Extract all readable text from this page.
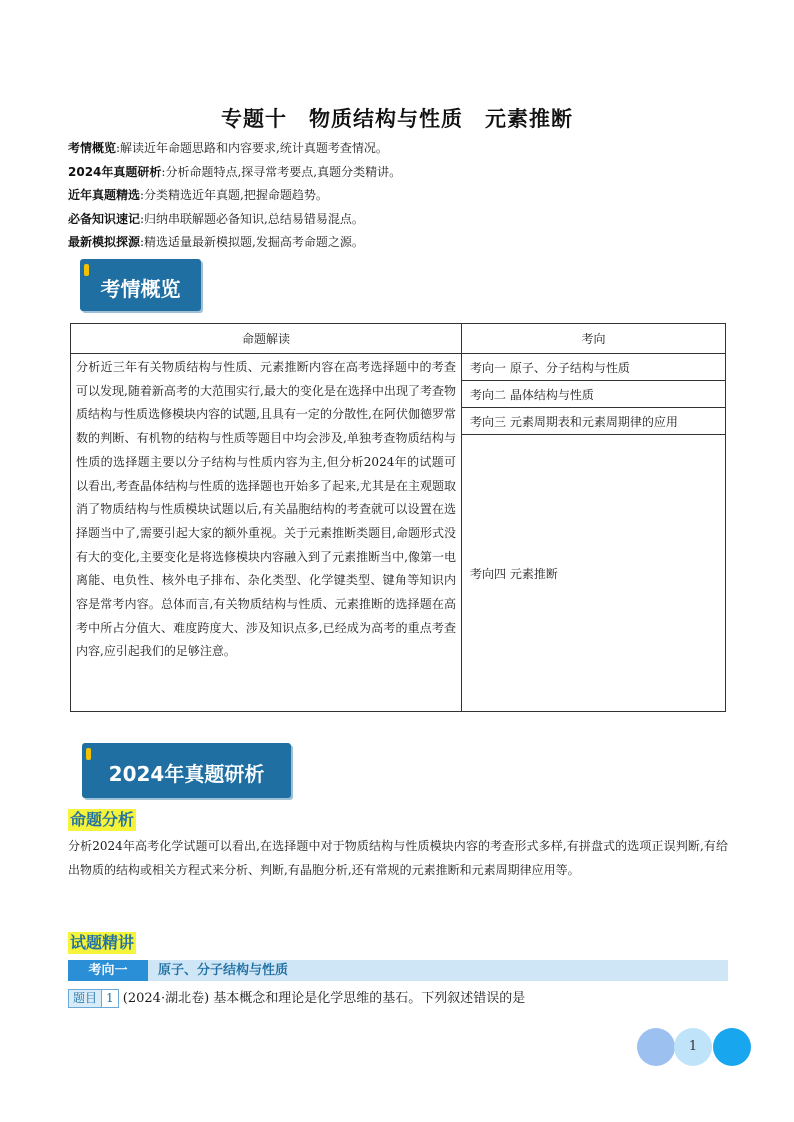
专题十 物质结构与性质 元素推断
考情概览:解读近年命题思路和内容要求,统计真题考查情况。
2024年真题研析:分析命题特点,探寻常考要点,真题分类精讲。
近年真题精选:分类精选近年真题,把握命题趋势。
必备知识速记:归纳串联解题必备知识,总结易错易混点。
最新模拟探源:精选适量最新模拟题,发掘高考命题之源。
考情概览
命题解读	考向
分析近三年有关物质结构与性质、元素推断内容在高考选择题中的考查可以发现,随着新高考的大范围实行,最大的变化是在选择中出现了考查物质结构与性质选修模块内容的试题,且具有一定的分散性,在阿伏伽德罗常数的判断、有机物的结构与性质等题目中均会涉及,单独考查物质结构与性质的选择题主要以分子结构与性质内容为主,但分析2024年的试题可以看出,考查晶体结构与性质的选择题也开始多了起来,尤其是在主观题取消了物质结构与性质模块试题以后,有关晶胞结构的考查就可以设置在选择题当中了,需要引起大家的额外重视。关于元素推断类题目,命题形式没有大的变化,主要变化是将选修模块内容融入到了元素推断当中,像第一电离能、电负性、核外电子排布、杂化类型、化学键类型、键角等知识内容是常考内容。总体而言,有关物质结构与性质、元素推断的选择题在高考中所占分值大、难度跨度大、涉及知识点多,已经成为高考的重点考查内容,应引起我们的足够注意。	考向一 原子、分子结构与性质
	考向二 晶体结构与性质
	考向三 元素周期表和元素周期律的应用
	考向四 元素推断
2024年真题研析
命题分析
分析2024年高考化学试题可以看出,在选择题中对于物质结构与性质模块内容的考查形式多样,有拼盘式的选项正误判断,有给出物质的结构或相关方程式来分析、判断,有晶胞分析,还有常规的元素推断和元素周期律应用等。
试题精讲
考向一	原子、分子结构与性质
题目 1 (2024·湖北卷) 基本概念和理论是化学思维的基石。下列叙述错误的是
1
